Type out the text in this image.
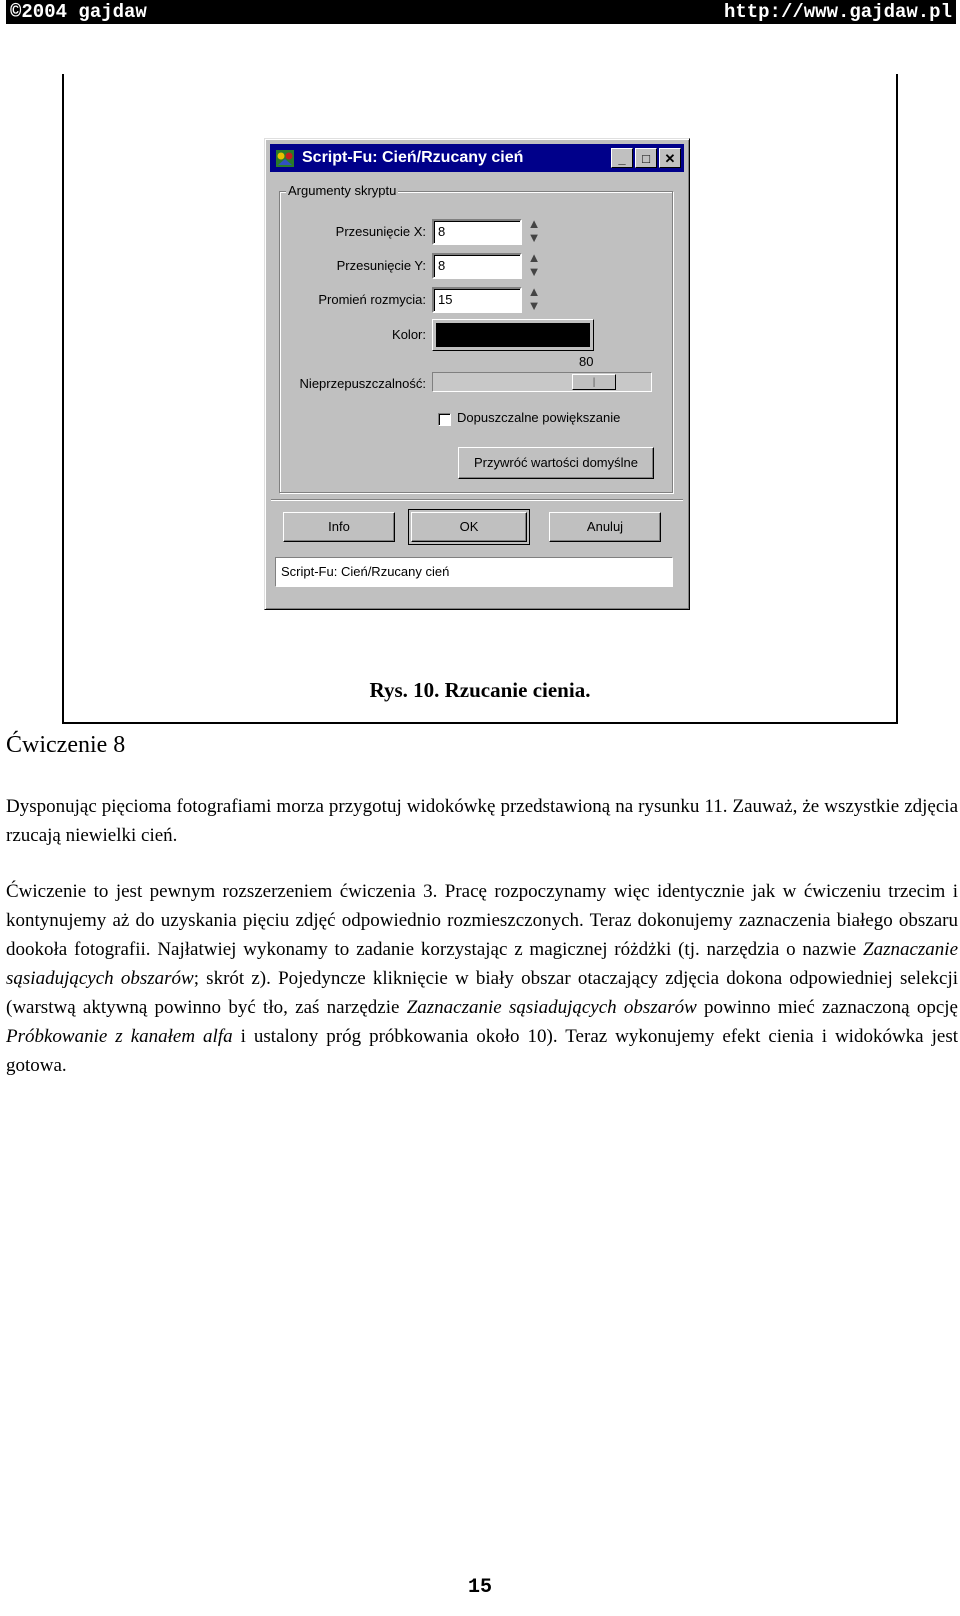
©2004 gajdaw	http://www.gajdaw.pl
Script-Fu: Cień/Rzucany cień	_	□	✕
Argumenty skryptu
Przesunięcie X: 8
▲
▼
Przesunięcie Y: 8
▲
▼
Promień rozmycia: 15
▲
▼
Kolor:
80
Nieprzepuszczalność:	|
Dopuszczalne powiększanie
Przywróć wartości domyślne
Info	OK	Anuluj
Script-Fu: Cień/Rzucany cień
Rys. 10. Rzucanie cienia.
Ćwiczenie 8

Dysponując pięcioma fotografiami morza przygotuj widokówkę przedstawioną na rysunku 11. Zauważ, że wszystkie zdjęcia rzucają niewielki cień.

Ćwiczenie to jest pewnym rozszerzeniem ćwiczenia 3. Pracę rozpoczynamy więc identycznie jak w ćwiczeniu trzecim i kontynujemy aż do uzyskania pięciu zdjęć odpowiednio rozmieszczonych. Teraz dokonujemy zaznaczenia białego obszaru dookoła fotografii. Najłatwiej wykonamy to zadanie korzystając z magicznej różdżki (tj. narzędzia o nazwie Zaznaczanie sąsiadujących obszarów; skrót z). Pojedyncze kliknięcie w biały obszar otaczający zdjęcia dokona odpowiedniej selekcji (warstwą aktywną powinno być tło, zaś narzędzie Zaznaczanie sąsiadujących obszarów powinno mieć zaznaczoną opcję Próbkowanie z kanałem alfa i ustalony próg próbkowania około 10). Teraz wykonujemy efekt cienia i widokówka jest gotowa.

15
